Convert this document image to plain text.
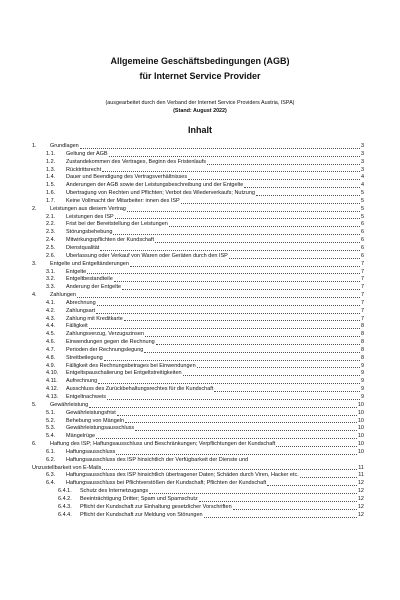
Allgemeine Geschäftsbedingungen (AGB)
für Internet Service Provider
(ausgearbeitet durch den Verband der Internet Service Providers Austria, ISPA)
(Stand: August 2022)
Inhalt
1. Grundlagen	3
1.1. Geltung der AGB	3
1.2. Zustandekommen des Vertrages, Beginn des Fristenlaufs	3
1.3. Rücktrittsrecht	3
1.4. Dauer und Beendigung des Vertragsverhältnisses	4
1.5. Änderungen der AGB sowie der Leistungsbeschreibung und der Entgelte	4
1.6. Übertragung von Rechten und Pflichten; Verbot des Wiederverkaufs; Nutzung	5
1.7. Keine Vollmacht der Mitarbeiter: innen des ISP	5
2. Leistungen aus diesem Vertrag	5
2.1. Leistungen des ISP	5
2.2. Frist bei der Bereitstellung der Leistungen	6
2.3. Störungsbehebung	6
2.4. Mitwirkungspflichten der Kundschaft	6
2.5. Dienstqualität	6
2.6. Überlassung oder Verkauf von Waren oder Geräten durch den ISP	6
3. Entgelte und Entgeltänderungen	7
3.1. Entgelte	7
3.2. Entgeltbestandteile	7
3.3. Änderung der Entgelte	7
4. Zahlungen	7
4.1. Abrechnung	7
4.2. Zahlungsart	7
4.3. Zahlung mit Kreditkarte	7
4.4. Fälligkeit	8
4.5. Zahlungsverzug, Verzugszinsen	8
4.6. Einwendungen gegen die Rechnung	8
4.7. Perioden der Rechnungslegung	8
4.8. Streitbeilegung	8
4.9. Fälligkeit des Rechnungsbetrages bei Einwendungen	9
4.10. Entgeltspauschalierung bei Entgeltstreitigkeiten	9
4.11. Aufrechnung	9
4.12. Ausschluss des Zurückbehaltungsrechtes für die Kundschaft	9
4.13. Entgeltnachweis	9
5. Gewährleistung	10
5.1. Gewährleistungsfrist	10
5.2. Behebung von Mängeln	10
5.3. Gewährleistungsausschluss	10
5.4. Mängelrüge	10
6. Haftung des ISP; Haftungsausschluss und Beschränkungen; Verpflichtungen der Kundschaft	10
6.1. Haftungsausschluss	10
6.2. Haftungsausschluss des ISP hinsichtlich der Verfügbarkeit der Dienste und
Unzustellbarkeit von E-Mails	11
6.3. Haftungsausschluss des ISP hinsichtlich übertragener Daten; Schäden durch Viren, Hacker etc.	11
6.4. Haftungsausschluss bei Pflichtverstößen der Kundschaft; Pflichten der Kundschaft	12
6.4.1. Schutz des Internetzugangs	12
6.4.2. Beeinträchtigung Dritter; Spam und Spamschutz	12
6.4.3. Pflicht der Kundschaft zur Einhaltung gesetzlicher Vorschriften	12
6.4.4. Pflicht der Kundschaft zur Meldung von Störungen	12
